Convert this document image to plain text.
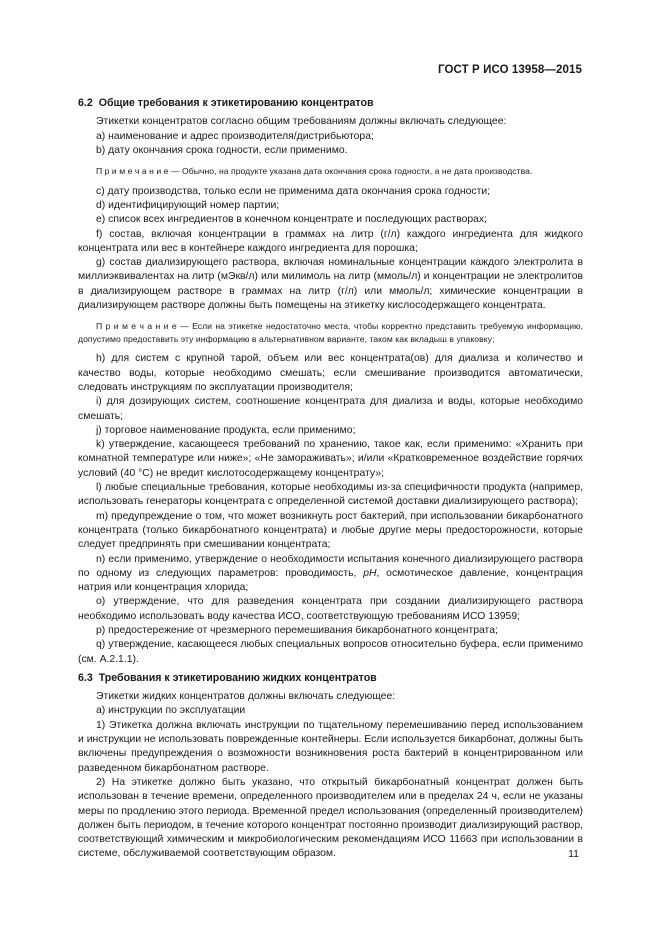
ГОСТ Р ИСО 13958—2015

6.2 Общие требования к этикетированию концентратов

Этикетки концентратов согласно общим требованиям должны включать следующее:

a) наименование и адрес производителя/дистрибьютора;

b) дату окончания срока годности, если применимо.

П р и м е ч а н и е — Обычно, на продукте указана дата окончания срока годности, а не дата производства.

c) дату производства, только если не применима дата окончания срока годности;

d) идентифицирующий номер партии;

e) список всех ингредиентов в конечном концентрате и последующих растворах;

f) состав, включая концентрации в граммах на литр (г/л) каждого ингредиента для жидкого концентрата или вес в контейнере каждого ингредиента для порошка;

g) состав диализирующего раствора, включая номинальные концентрации каждого электролита в миллиэквивалентах на литр (мЭкв/л) или милимоль на литр (ммоль/л) и концентрации не электролитов в диализирующем растворе в граммах на литр (г/л) или ммоль/л; химические концентрации в диализирующем растворе должны быть помещены на этикетку кислосодержащего концентрата.

П р и м е ч а н и е — Если на этикетке недостаточно места, чтобы корректно представить требуемую информацию, допустимо предоставить эту информацию в альтернативном варианте, таком как вкладыш в упаковку;

h) для систем с крупной тарой, объем или вес концентрата(ов) для диализа и количество и качество воды, которые необходимо смешать; если смешивание производится автоматически, следовать инструкциям по эксплуатации производителя;

i) для дозирующих систем, соотношение концентрата для диализа и воды, которые необходимо смешать;

j) торговое наименование продукта, если применимо;

k) утверждение, касающееся требований по хранению, такое как, если применимо: «Хранить при комнатной температуре или ниже»; «Не замораживать»; и/или «Кратковременное воздействие горячих условий (40 °С) не вредит кислотосодержащему концентрату»;

l) любые специальные требования, которые необходимы из-за специфичности продукта (например, использовать генераторы концентрата с определенной системой доставки диализирующего раствора);

m) предупреждение о том, что может возникнуть рост бактерий, при использовании бикарбонатного концентрата (только бикарбонатного концентрата) и любые другие меры предосторожности, которые следует предпринять при смешивании концентрата;

n) если применимо, утверждение о необходимости испытания конечного диализирующего раствора по одному из следующих параметров: проводимость, pH, осмотическое давление, концентрация натрия или концентрация хлорида;

o) утверждение, что для разведения концентрата при создании диализирующего раствора необходимо использовать воду качества ИСО, соответствующую требованиям ИСО 13959;

p) предостережение от чрезмерного перемешивания бикарбонатного концентрата;

q) утверждение, касающееся любых специальных вопросов относительно буфера, если применимо (см. А.2.1.1).

6.3 Требования к этикетированию жидких концентратов

Этикетки жидких концентратов должны включать следующее:

a) инструкции по эксплуатации

1) Этикетка должна включать инструкции по тщательному перемешиванию перед использованием и инструкции не использовать поврежденные контейнеры. Если используется бикарбонат, должны быть включены предупреждения о возможности возникновения роста бактерий в концентрированном или разведенном бикарбонатном растворе.

2) На этикетке должно быть указано, что открытый бикарбонатный концентрат должен быть использован в течение времени, определенного производителем или в пределах 24 ч, если не указаны меры по продлению этого периода. Временной предел использования (определенный производителем) должен быть периодом, в течение которого концентрат постоянно производит диализирующий раствор, соответствующий химическим и микробиологическим рекомендациям ИСО 11663 при использовании в системе, обслуживаемой соответствующим образом.	11
